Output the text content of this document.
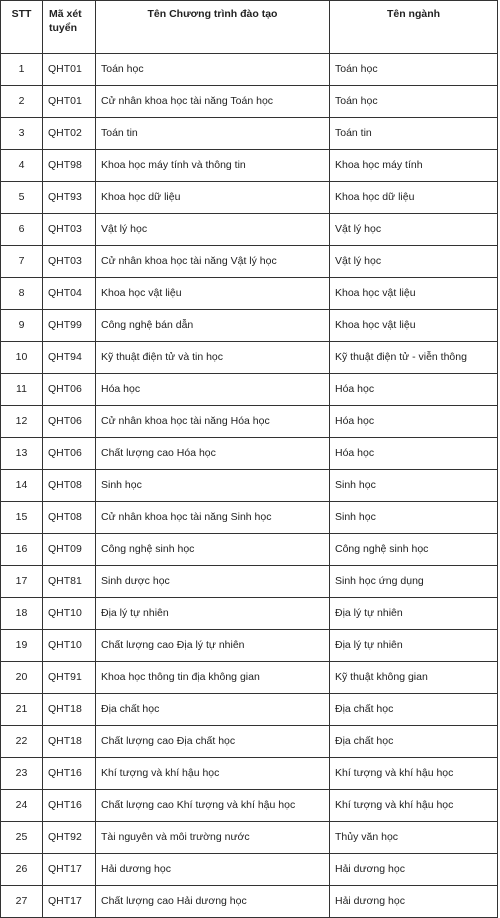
STT	Mã xét tuyển	Tên Chương trình đào tạo	Tên ngành
1	QHT01	Toán học	Toán học
2	QHT01	Cử nhân khoa học tài năng Toán học	Toán học
3	QHT02	Toán tin	Toán tin
4	QHT98	Khoa học máy tính và thông tin	Khoa học máy tính
5	QHT93	Khoa học dữ liệu	Khoa học dữ liệu
6	QHT03	Vật lý học	Vật lý học
7	QHT03	Cử nhân khoa học tài năng Vật lý học	Vật lý học
8	QHT04	Khoa học vật liệu	Khoa học vật liệu
9	QHT99	Công nghệ bán dẫn	Khoa học vật liệu
10	QHT94	Kỹ thuật điện tử và tin học	Kỹ thuật điện tử - viễn thông
11	QHT06	Hóa học	Hóa học
12	QHT06	Cử nhân khoa học tài năng Hóa học	Hóa học
13	QHT06	Chất lượng cao Hóa học	Hóa học
14	QHT08	Sinh học	Sinh học
15	QHT08	Cử nhân khoa học tài năng Sinh học	Sinh học
16	QHT09	Công nghệ sinh học	Công nghệ sinh học
17	QHT81	Sinh dược học	Sinh học ứng dụng
18	QHT10	Địa lý tự nhiên	Địa lý tự nhiên
19	QHT10	Chất lượng cao Địa lý tự nhiên	Địa lý tự nhiên
20	QHT91	Khoa học thông tin địa không gian	Kỹ thuật không gian
21	QHT18	Địa chất học	Địa chất học
22	QHT18	Chất lượng cao Địa chất học	Địa chất học
23	QHT16	Khí tượng và khí hậu học	Khí tượng và khí hậu học
24	QHT16	Chất lượng cao Khí tượng và khí hậu học	Khí tượng và khí hậu học
25	QHT92	Tài nguyên và môi trường nước	Thủy văn học
26	QHT17	Hải dương học	Hải dương học
27	QHT17	Chất lượng cao Hải dương học	Hải dương học
